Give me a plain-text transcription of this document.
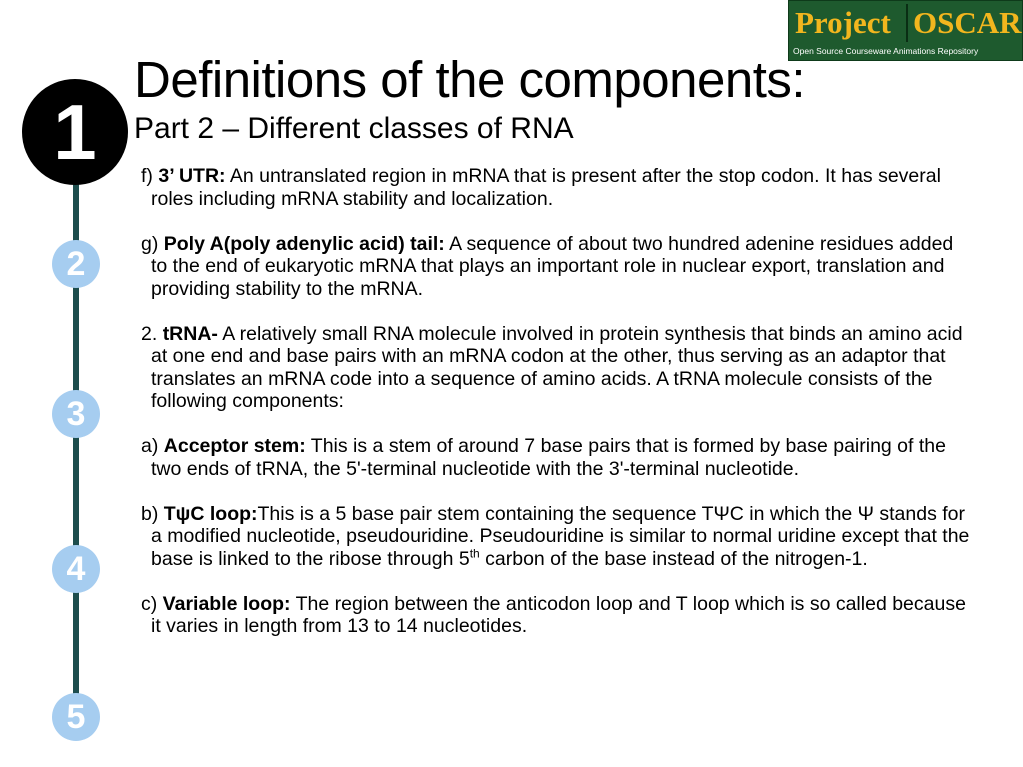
Project OSCAR
Open Source Courseware Animations Repository
1
2
3
4
5
Definitions of the components:
Part 2 – Different classes of RNA

f) 3’ UTR: An untranslated region in mRNA that is present after the stop codon. It has several roles including mRNA stability and localization.

g) Poly A(poly adenylic acid) tail: A sequence of about two hundred adenine residues added to the end of eukaryotic mRNA that plays an important role in nuclear export, translation and providing stability to the mRNA.

2. tRNA- A relatively small RNA molecule involved in protein synthesis that binds an amino acid at one end and base pairs with an mRNA codon at the other, thus serving as an adaptor that translates an mRNA code into a sequence of amino acids. A tRNA molecule consists of the following components:

a) Acceptor stem: This is a stem of around 7 base pairs that is formed by base pairing of the two ends of tRNA, the 5'-terminal nucleotide with the 3'-terminal nucleotide.

b) TψC loop:This is a 5 base pair stem containing the sequence TΨC in which the Ψ stands for a modified nucleotide, pseudouridine. Pseudouridine is similar to normal uridine except that the base is linked to the ribose through 5th carbon of the base instead of the nitrogen-1.

c) Variable loop: The region between the anticodon loop and T loop which is so called because it varies in length from 13 to 14 nucleotides.
